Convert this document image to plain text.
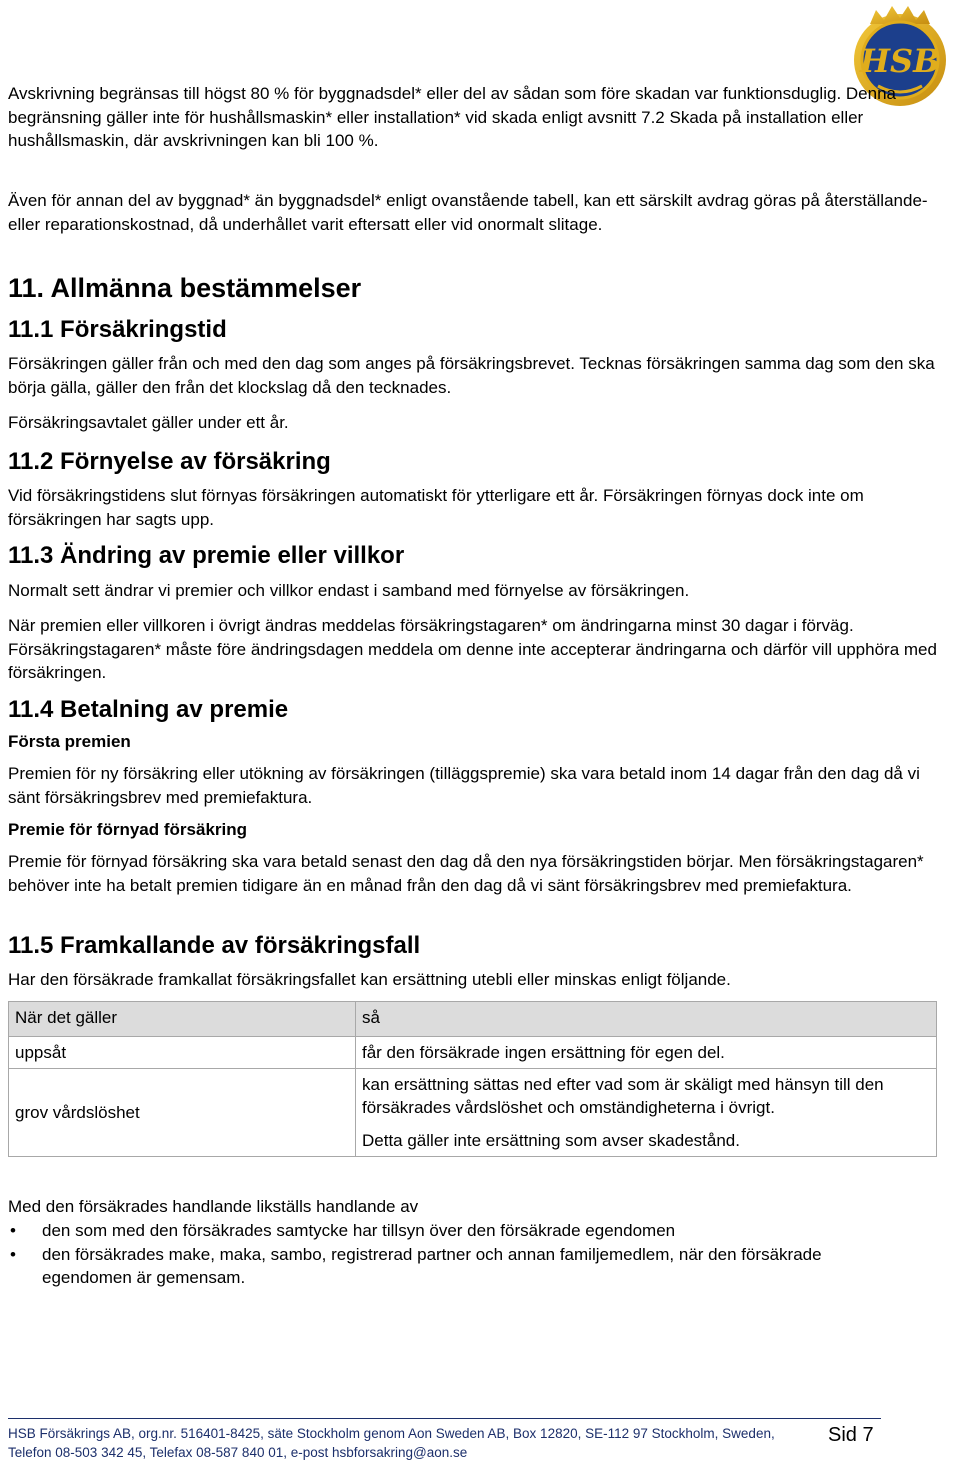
HSB

Avskrivning begränsas till högst 80 % för byggnadsdel* eller del av sådan som före skadan var funktionsduglig. Denna begränsning gäller inte för hushållsmaskin* eller installation* vid skada enligt avsnitt 7.2 Skada på installation eller hushållsmaskin, där avskrivningen kan bli 100 %.

Även för annan del av byggnad* än byggnadsdel* enligt ovanstående tabell, kan ett särskilt avdrag göras på återställande- eller reparationskostnad, då underhållet varit eftersatt eller vid onormalt slitage.

11. Allmänna bestämmelser
11.1 Försäkringstid

Försäkringen gäller från och med den dag som anges på försäkringsbrevet. Tecknas försäkringen samma dag som den ska börja gälla, gäller den från det klockslag då den tecknades.

Försäkringsavtalet gäller under ett år.

11.2 Förnyelse av försäkring

Vid försäkringstidens slut förnyas försäkringen automatiskt för ytterligare ett år. Försäkringen förnyas dock inte om försäkringen har sagts upp.

11.3 Ändring av premie eller villkor

Normalt sett ändrar vi premier och villkor endast i samband med förnyelse av försäkringen.

När premien eller villkoren i övrigt ändras meddelas försäkringstagaren* om ändringarna minst 30 dagar i förväg. Försäkringstagaren* måste före ändringsdagen meddela om denne inte accepterar ändringarna och därför vill upphöra med försäkringen.

11.4 Betalning av premie
Första premien

Premien för ny försäkring eller utökning av försäkringen (tilläggspremie) ska vara betald inom 14 dagar från den dag då vi sänt försäkringsbrev med premiefaktura.

Premie för förnyad försäkring

Premie för förnyad försäkring ska vara betald senast den dag då den nya försäkringstiden börjar. Men försäkringstagaren* behöver inte ha betalt premien tidigare än en månad från den dag då vi sänt försäkringsbrev med premiefaktura.

11.5 Framkallande av försäkringsfall

Har den försäkrade framkallat försäkringsfallet kan ersättning utebli eller minskas enligt följande.

När det gäller	så
uppsåt	får den försäkrade ingen ersättning för egen del.
grov vårdslöshet	kan ersättning sättas ned efter vad som är skäligt med hänsyn till den försäkrades vårdslöshet och omständigheterna i övrigt.
Detta gäller inte ersättning som avser skadestånd.

Med den försäkrades handlande likställs handlande av

• den som med den försäkrades samtycke har tillsyn över den försäkrade egendomen
• den försäkrades make, maka, sambo, registrerad partner och annan familjemedlem, när den försäkrade egendomen är gemensam.
HSB Försäkrings AB, org.nr. 516401-8425, säte Stockholm genom Aon Sweden AB, Box 12820, SE-112 97 Stockholm, Sweden,
Telefon 08-503 342 45, Telefax 08-587 840 01, e-post hsbforsakring@aon.se
Sid 7
